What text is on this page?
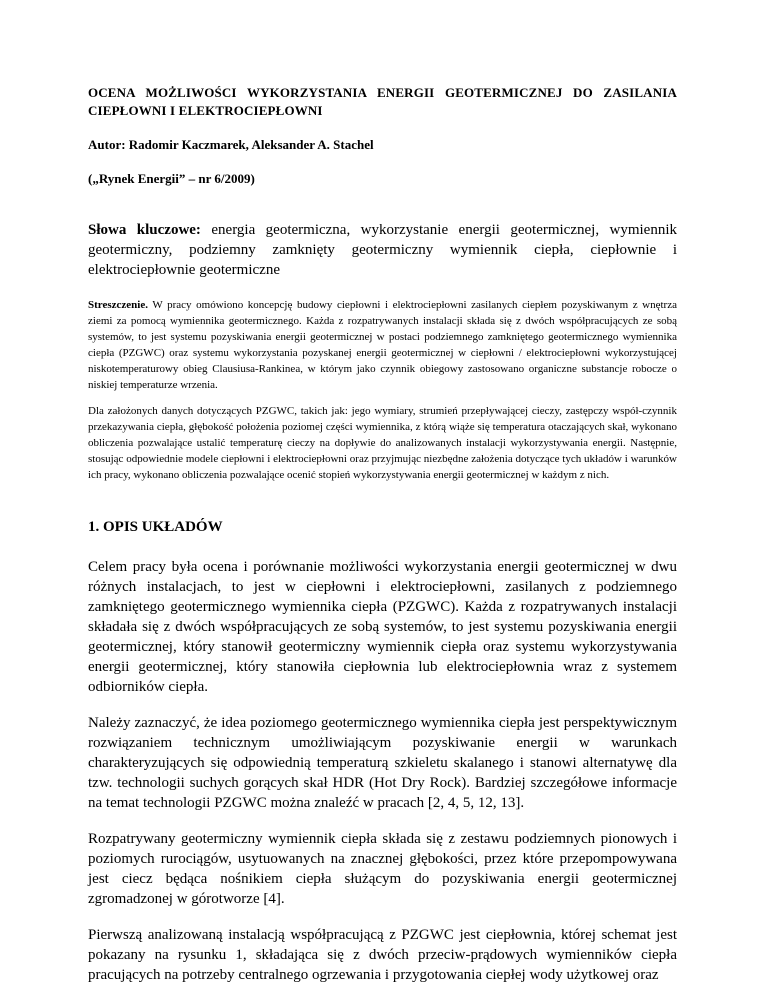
OCENA MOŻLIWOŚCI WYKORZYSTANIA ENERGII GEOTERMICZNEJ DO ZASILANIA CIEPŁOWNI I ELEKTROCIEPŁOWNI
Autor: Radomir Kaczmarek, Aleksander A. Stachel
(„Rynek Energii” – nr 6/2009)
Słowa kluczowe: energia geotermiczna, wykorzystanie energii geotermicznej, wymiennik geotermiczny, podziemny zamknięty geotermiczny wymiennik ciepła, ciepłownie i elektrociepłownie geotermiczne
Streszczenie. W pracy omówiono koncepcję budowy ciepłowni i elektrociepłowni zasilanych ciepłem pozyskiwanym z wnętrza ziemi za pomocą wymiennika geotermicznego. Każda z rozpatrywanych instalacji składa się z dwóch współpracujących ze sobą systemów, to jest systemu pozyskiwania energii geotermicznej w postaci podziemnego zamkniętego geotermicznego wymiennika ciepła (PZGWC) oraz systemu wykorzystania pozyskanej energii geotermicznej w ciepłowni / elektrociepłowni wykorzystującej niskotemperaturowy obieg Clausiusa-Rankinea, w którym jako czynnik obiegowy zastosowano organiczne substancje robocze o niskiej temperaturze wrzenia.
Dla założonych danych dotyczących PZGWC, takich jak: jego wymiary, strumień przepływającej cieczy, zastępczy współ-czynnik przekazywania ciepła, głębokość położenia poziomej części wymiennika, z którą wiąże się temperatura otaczających skał, wykonano obliczenia pozwalające ustalić temperaturę cieczy na dopływie do analizowanych instalacji wykorzystywania energii. Następnie, stosując odpowiednie modele ciepłowni i elektrociepłowni oraz przyjmując niezbędne założenia dotyczące tych układów i warunków ich pracy, wykonano obliczenia pozwalające ocenić stopień wykorzystywania energii geotermicznej w każdym z nich.
1. OPIS UKŁADÓW
Celem pracy była ocena i porównanie możliwości wykorzystania energii geotermicznej w dwu różnych instalacjach, to jest w ciepłowni i elektrociepłowni, zasilanych z podziemnego zamkniętego geotermicznego wymiennika ciepła (PZGWC). Każda z rozpatrywanych instalacji składała się z dwóch współpracujących ze sobą systemów, to jest systemu pozyskiwania energii geotermicznej, który stanowił geotermiczny wymiennik ciepła oraz systemu wykorzystywania energii geotermicznej, który stanowiła ciepłownia lub elektrociepłownia wraz z systemem odbiorników ciepła.
Należy zaznaczyć, że idea poziomego geotermicznego wymiennika ciepła jest perspektywicznym rozwiązaniem technicznym umożliwiającym pozyskiwanie energii w warunkach charakteryzujących się odpowiednią temperaturą szkieletu skalanego i stanowi alternatywę dla tzw. technologii suchych gorących skał HDR (Hot Dry Rock). Bardziej szczegółowe informacje na temat technologii PZGWC można znaleźć w pracach [2, 4, 5, 12, 13].
Rozpatrywany geotermiczny wymiennik ciepła składa się z zestawu podziemnych pionowych i poziomych rurociągów, usytuowanych na znacznej głębokości, przez które przepompowywana jest ciecz będąca nośnikiem ciepła służącym do pozyskiwania energii geotermicznej zgromadzonej w górotworze [4].
Pierwszą analizowaną instalacją współpracującą z PZGWC jest ciepłownia, której schemat jest pokazany na rysunku 1, składająca się z dwóch przeciw-prądowych wymienników ciepła pracujących na potrzeby centralnego ogrzewania i przygotowania ciepłej wody użytkowej oraz
